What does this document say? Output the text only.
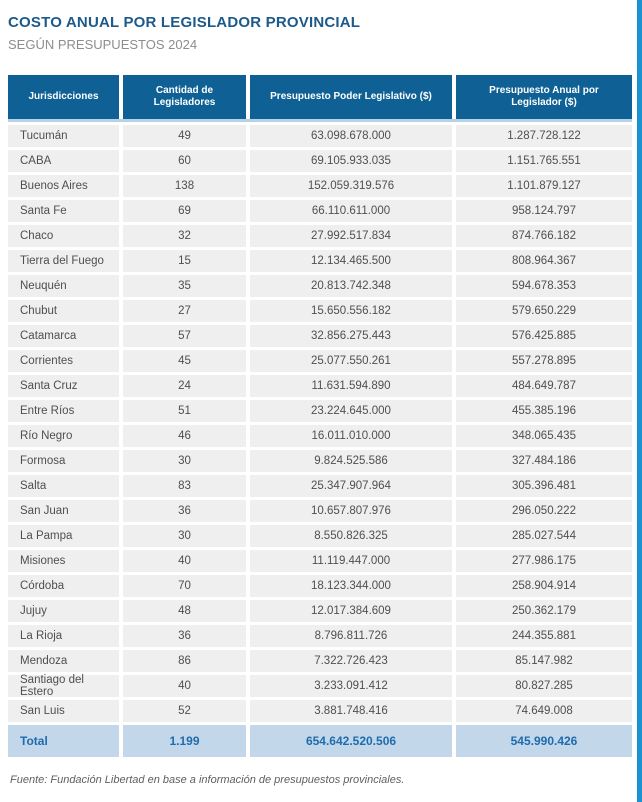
COSTO ANUAL POR LEGISLADOR PROVINCIAL
SEGÚN PRESUPUESTOS 2024
Jurisdicciones
Cantidad de Legisladores
Presupuesto Poder Legislativo ($)
Presupuesto Anual por Legislador ($)
Tucumán	49	63.098.678.000	1.287.728.122
CABA	60	69.105.933.035	1.151.765.551
Buenos Aires	138	152.059.319.576	1.101.879.127
Santa Fe	69	66.110.611.000	958.124.797
Chaco	32	27.992.517.834	874.766.182
Tierra del Fuego	15	12.134.465.500	808.964.367
Neuquén	35	20.813.742.348	594.678.353
Chubut	27	15.650.556.182	579.650.229
Catamarca	57	32.856.275.443	576.425.885
Corrientes	45	25.077.550.261	557.278.895
Santa Cruz	24	11.631.594.890	484.649.787
Entre Ríos	51	23.224.645.000	455.385.196
Río Negro	46	16.011.010.000	348.065.435
Formosa	30	9.824.525.586	327.484.186
Salta	83	25.347.907.964	305.396.481
San Juan	36	10.657.807.976	296.050.222
La Pampa	30	8.550.826.325	285.027.544
Misiones	40	11.119.447.000	277.986.175
Córdoba	70	18.123.344.000	258.904.914
Jujuy	48	12.017.384.609	250.362.179
La Rioja	36	8.796.811.726	244.355.881
Mendoza	86	7.322.726.423	85.147.982
Santiago del Estero	40	3.233.091.412	80.827.285
San Luis	52	3.881.748.416	74.649.008
Total	1.199	654.642.520.506	545.990.426
Fuente: Fundación Libertad en base a información de presupuestos provinciales.
